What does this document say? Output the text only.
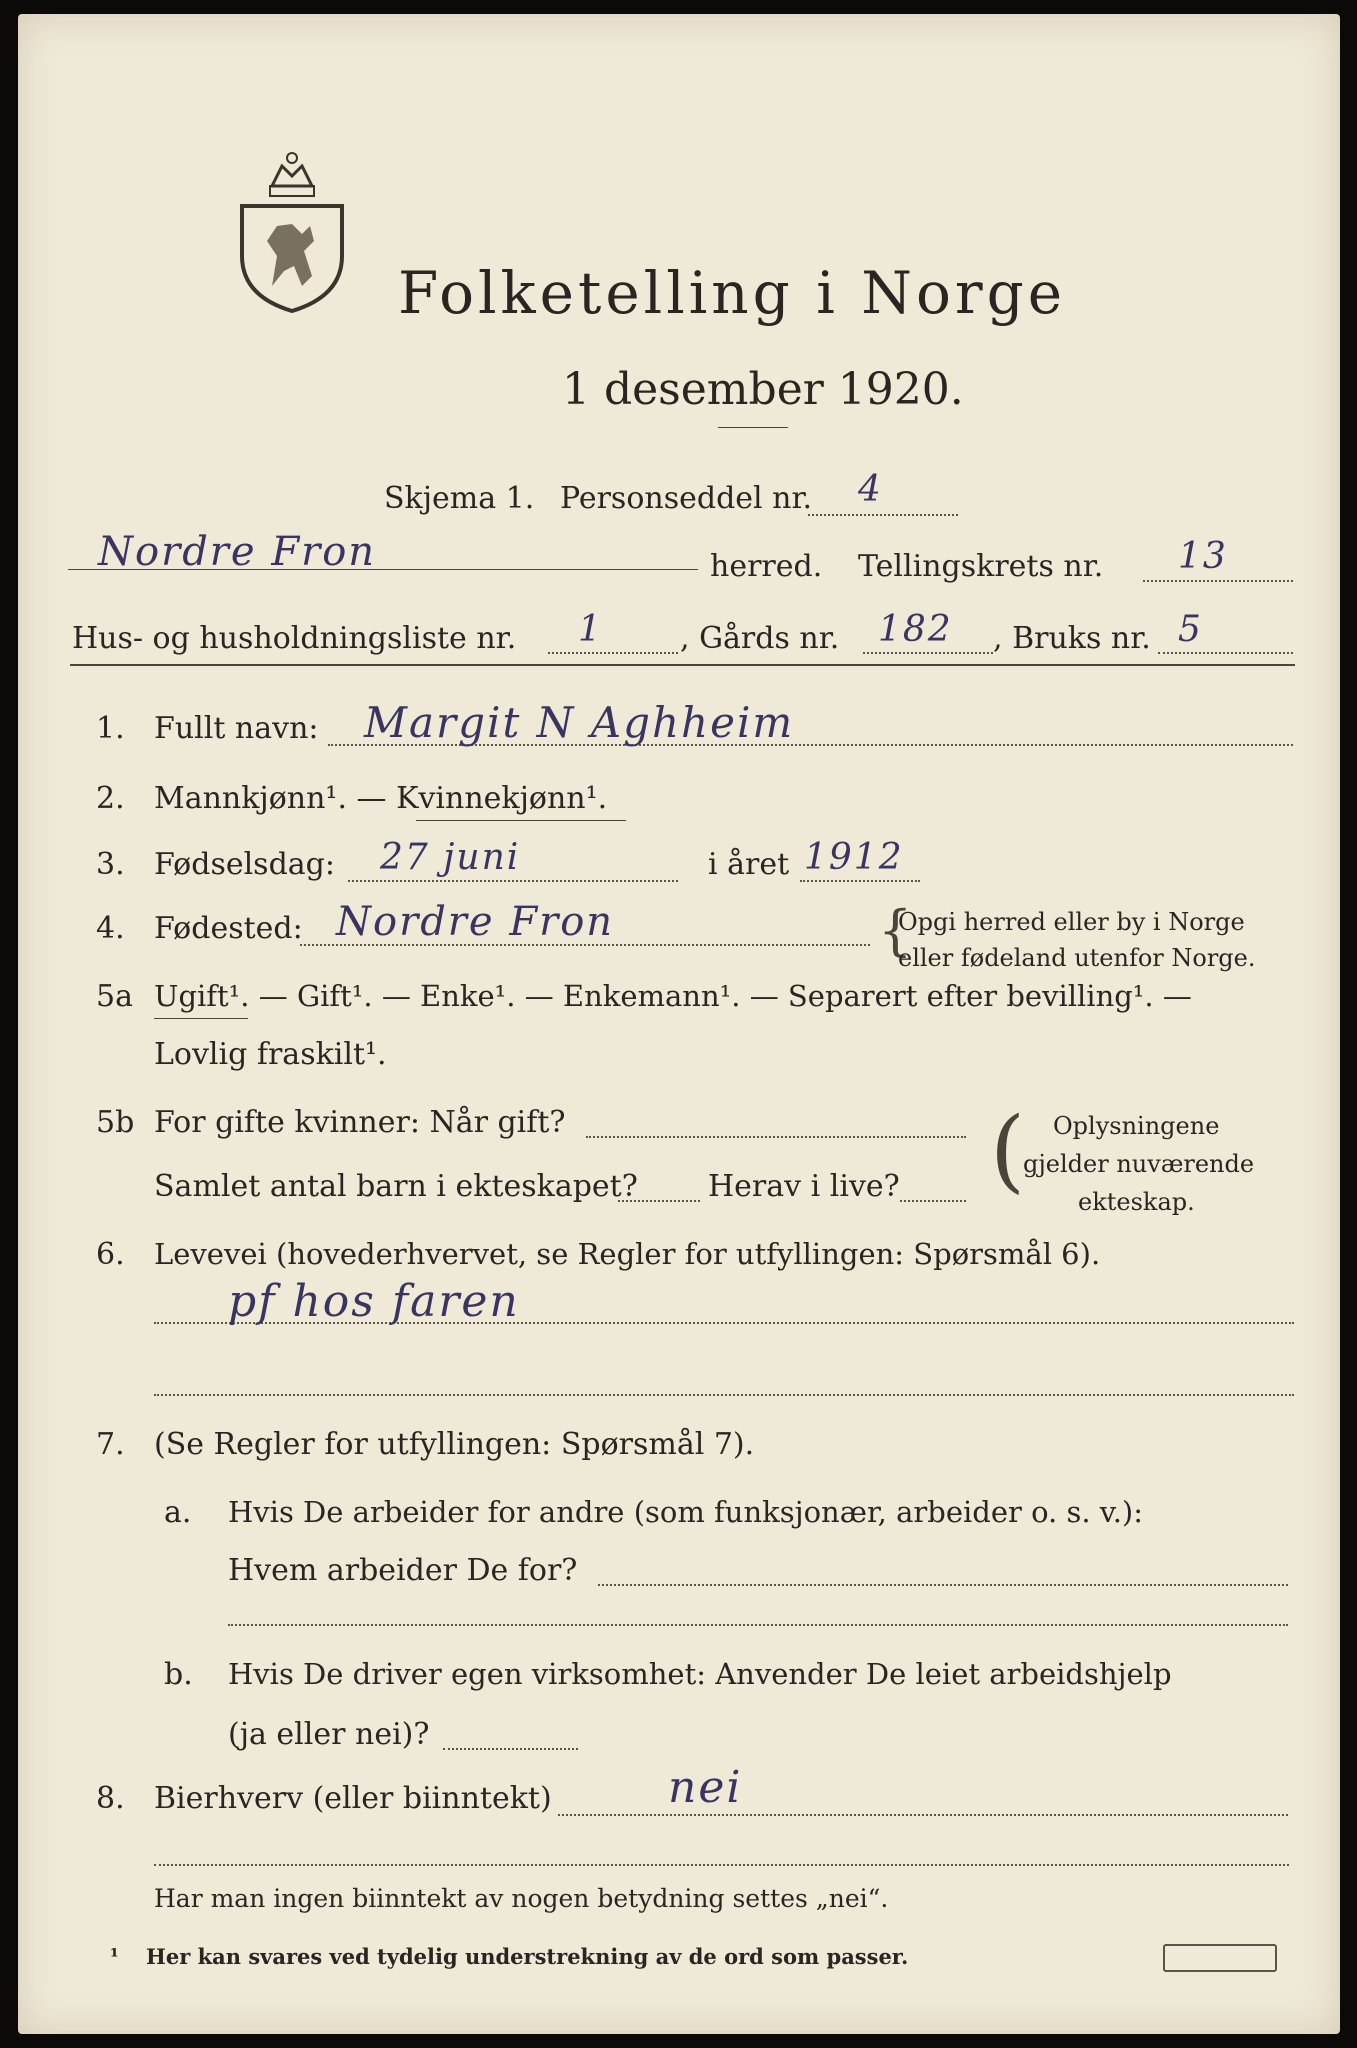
Folketelling i Norge
1 desember 1920.
Skjema 1. Personseddel nr. 4
Nordre Fron	herred. Tellingskrets nr. 13
Hus- og husholdningsliste nr. 1	, Gårds nr. 182 , Bruks nr. 5
1. Fullt navn: Margit N Aghheim
2. Mannkjønn¹. — Kvinnekjønn¹.
3. Fødselsdag: 27 juni	i året 1912
4. Fødested: Nordre Fron	{
Opgi herred eller by i Norge
eller fødeland utenfor Norge.
5a Ugift¹. — Gift¹. — Enke¹. — Enkemann¹. — Separert efter bevilling¹. —
Lovlig fraskilt¹.
5b For gifte kvinner: Når gift?
Samlet antal barn i ekteskapet? Herav i live? ( Oplysningene
gjelder nuværende
ekteskap.
6. Levevei (hovederhvervet, se Regler for utfyllingen: Spørsmål 6).
pf hos faren
7. (Se Regler for utfyllingen: Spørsmål 7).
a. Hvis De arbeider for andre (som funksjonær, arbeider o. s. v.):
Hvem arbeider De for?
b. Hvis De driver egen virksomhet: Anvender De leiet arbeidshjelp
(ja eller nei)?
8. Bierhverv (eller biinntekt)	nei
Har man ingen biinntekt av nogen betydning settes „nei“.
¹ Her kan svares ved tydelig understrekning av de ord som passer.
